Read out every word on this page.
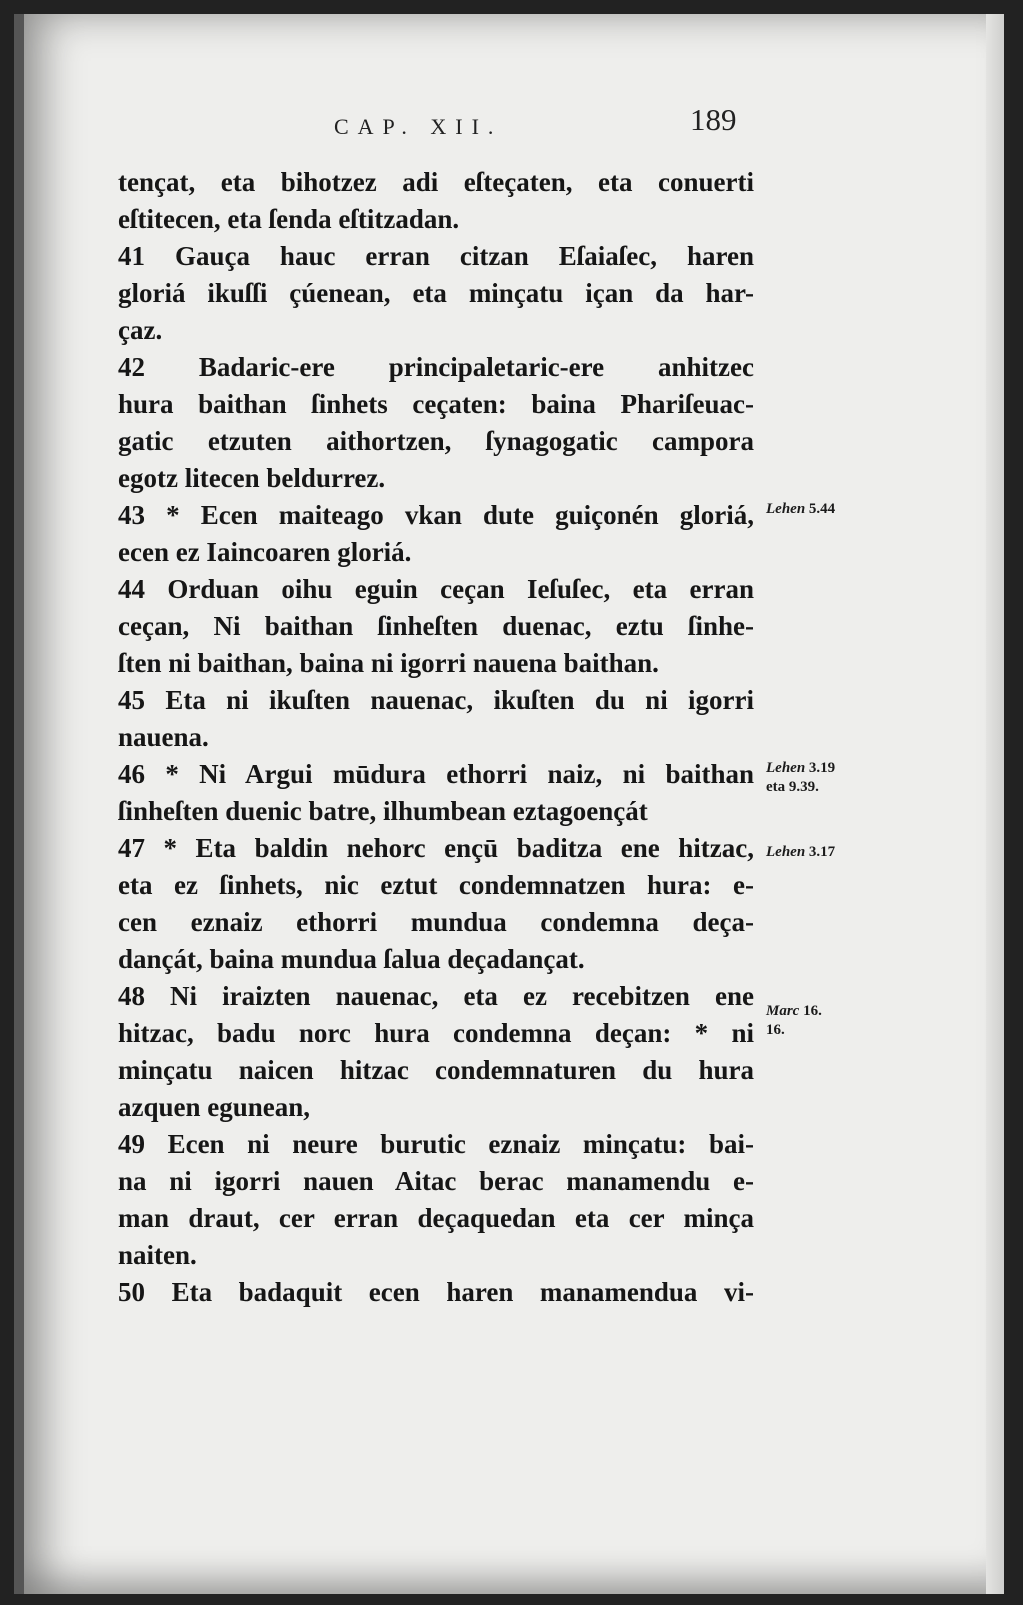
CAP. XII.	189
tençat, eta bihotzez adi eſteçaten, eta conuerti
eſtitecen, eta ſenda eſtitzadan.
41 Gauça hauc erran citzan Eſaiaſec, haren
gloriá ikuſſi çúenean, eta minçatu içan da har-
çaz.
42 Badaric-ere principaletaric-ere anhitzec
hura baithan ſinhets ceçaten: baina Phariſeuac-
gatic etzuten aithortzen, ſynagogatic campora
egotz litecen beldurrez.
43 * Ecen maiteago vkan dute guiçonén gloriá,
ecen ez Iaincoaren gloriá.
44 Orduan oihu eguin ceçan Ieſuſec, eta erran
ceçan, Ni baithan ſinheſten duenac, eztu ſinhe-
ſten ni baithan, baina ni igorri nauena baithan.
45 Eta ni ikuſten nauenac, ikuſten du ni igorri
nauena.
46 * Ni Argui mūdura ethorri naiz, ni baithan
ſinheſten duenic batre, ilhumbean eztagoençát
47 * Eta baldin nehorc ençū baditza ene hitzac,
eta ez ſinhets, nic eztut condemnatzen hura: e-
cen eznaiz ethorri mundua condemna deça-
dançát, baina mundua ſalua deçadançat.
48 Ni iraizten nauenac, eta ez recebitzen ene
hitzac, badu norc hura condemna deçan: * ni
minçatu naicen hitzac condemnaturen du hura
azquen egunean,
49 Ecen ni neure burutic eznaiz minçatu: bai-
na ni igorri nauen Aitac berac manamendu e-
man draut, cer erran deçaquedan eta cer minça
naiten.
50 Eta badaquit ecen haren manamendua vi-
Lehen 5.44
Lehen 3.19
eta 9.39.
Lehen 3.17
Marc 16.
16.
